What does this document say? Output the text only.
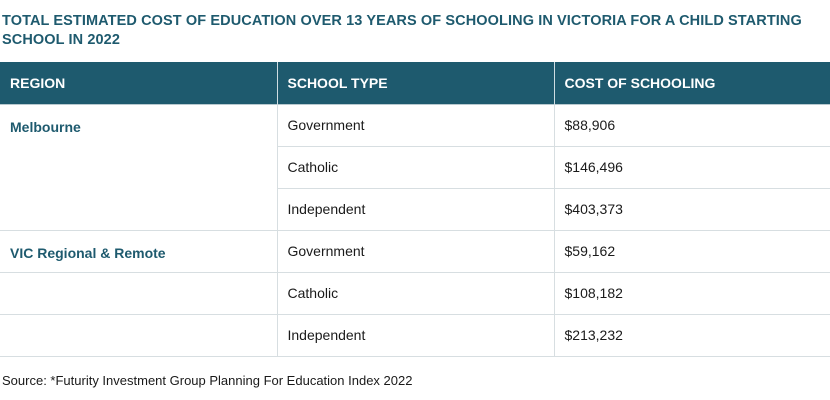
TOTAL ESTIMATED COST OF EDUCATION OVER 13 YEARS OF SCHOOLING IN VICTORIA FOR A CHILD STARTING SCHOOL IN 2022
REGION	SCHOOL TYPE	COST OF SCHOOLING
Melbourne	Government	$88,906
	Catholic	$146,496
	Independent	$403,373
VIC Regional & Remote	Government	$59,162
	Catholic	$108,182
	Independent	$213,232
Source: *Futurity Investment Group Planning For Education Index 2022
